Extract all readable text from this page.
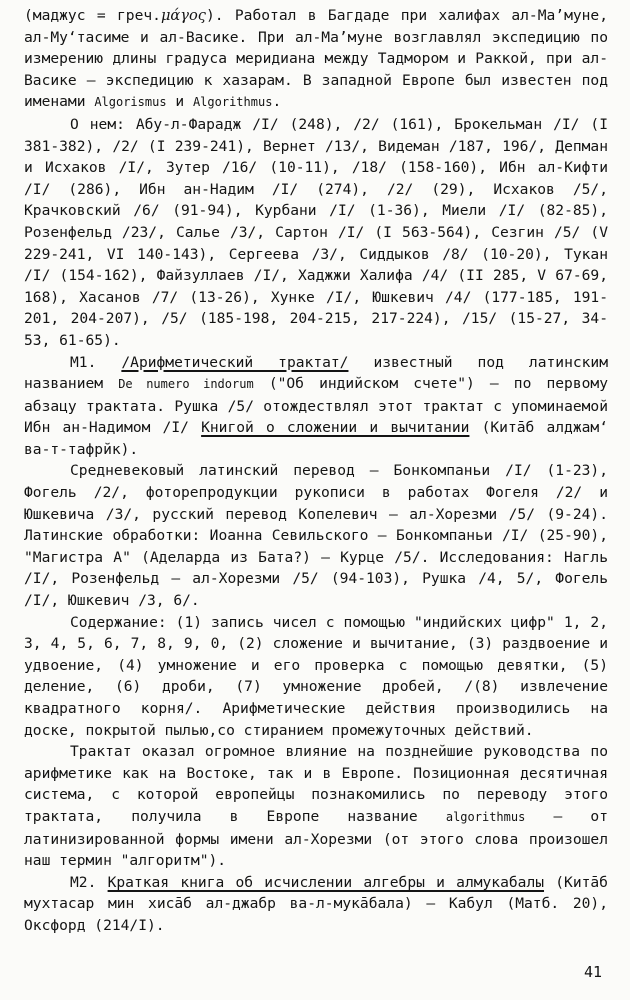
(маджус = греч.μάγος). Работал в Багдаде при халифах ал-Ма’муне, ал-Му‘тасиме и ал-Васике. При ал-Ма’муне возглавлял экспедицию по измерению длины градуса меридиана между Тадмором и Раккой, при ал-Васике – экспедицию к хазарам. В западной Европе был известен под именами Algorismus и Algorithmus.

О нем: Абу-л-Фарадж /I/ (248), /2/ (161), Брокельман /I/ (I 381-382), /2/ (I 239-241), Вернет /13/, Видеман /187, 196/, Депман и Исхаков /I/, Зутер /16/ (10-11), /18/ (158-160), Ибн ал-Кифти /I/ (286), Ибн ан-Надим /I/ (274), /2/ (29), Исхаков /5/, Крачковский /6/ (91-94), Курбани /I/ (1-36), Миели /I/ (82-85), Розенфельд /23/, Салье /3/, Сартон /I/ (I 563-564), Сезгин /5/ (V 229-241, VI 140-143), Сергеева /3/, Сиддыков /8/ (10-20), Тукан /I/ (154-162), Файзуллаев /I/, Хаджжи Халифа /4/ (II 285, V 67-69, 168), Хасанов /7/ (13-26), Хунке /I/, Юшкевич /4/ (177-185, 191-201, 204-207), /5/ (185-198, 204-215, 217-224), /15/ (15-27, 34-53, 61-65).

M1. /Арифметический трактат/ известный под латинским названием De numero indorum ("Об индийском счете") – по первому абзацу трактата. Рушка /5/ отождествлял этот трактат с упоминаемой Ибн ан-Надимом /I/ Книгой о сложении и вычитании (Китāб алджам‘ ва-т-тафрйк).

Средневековый латинский перевод – Бонкомпаньи /I/ (1-23), Фогель /2/, фоторепродукции рукописи в работах Фогеля /2/ и Юшкевича /3/, русский перевод Копелевич – ал-Хорезми /5/ (9-24). Латинские обработки: Иоанна Севильского – Бонкомпаньи /I/ (25-90), "Магистра А" (Аделарда из Бата?) – Курце /5/. Исследования: Нагль /I/, Розенфельд – ал-Хорезми /5/ (94-103), Рушка /4, 5/, Фогель /I/, Юшкевич /3, 6/.

Содержание: (1) запись чисел с помощью "индийских цифр" 1, 2, 3, 4, 5, 6, 7, 8, 9, 0, (2) сложение и вычитание, (3) раздвоение и удвоение, (4) умножение и его проверка с помощью девятки, (5) деление, (6) дроби, (7) умножение дробей, /(8) извлечение квадратного корня/. Арифметические действия производились на доске, покрытой пылью,со стиранием промежуточных действий.

Трактат оказал огромное влияние на позднейшие руководства по арифметике как на Востоке, так и в Европе. Позиционная десятичная система, с которой европейцы познакомились по переводу этого трактата, получила в Европе название algorithmus – от латинизированной формы имени ал-Хорезми (от этого слова произошел наш термин "алгоритм").

M2. Краткая книга об исчислении алгебры и алмукабалы (Китāб мухтасар мин хисāб ал-джабр ва-л-мукāбала) – Кабул (Матб. 20), Оксфорд (214/I).

41
